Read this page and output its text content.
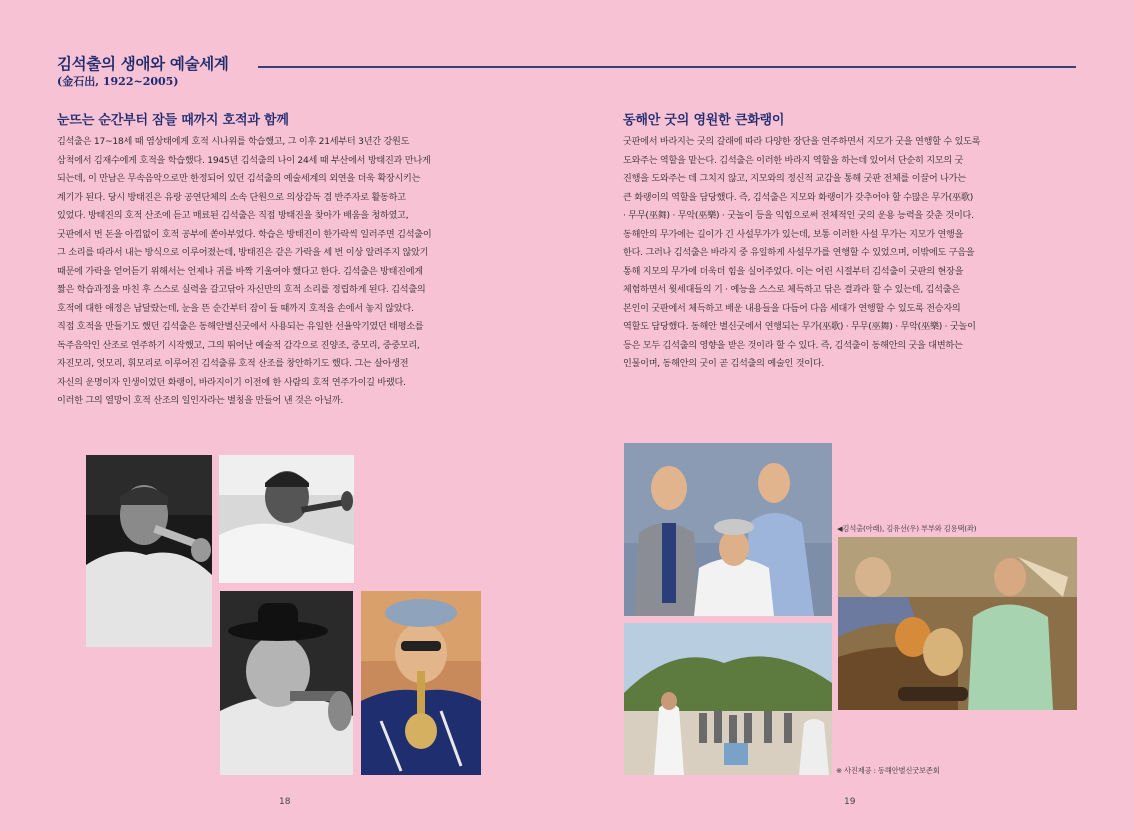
김석출의 생애와 예술세계
(金石出, 1922~2005)
눈뜨는 순간부터 잠들 때까지 호적과 함께

김석출은 17~18세 때 염상태에게 호적 시나위를 학습했고, 그 이후 21세부터 3년간 강원도

삼척에서 김재수에게 호적을 학습했다. 1945년 김석출의 나이 24세 때 부산에서 방태진과 만나게

되는데, 이 만남은 무속음악으로만 한정되어 있던 김석출의 예술세계의 외연을 더욱 확장시키는

계기가 된다. 당시 방태진은 유랑 공연단체의 소속 단원으로 의상감독 겸 반주자로 활동하고

있었다. 방태진의 호적 산조에 듣고 매료된 김석출은 직접 방태진을 찾아가 배움을 청하였고,

굿판에서 번 돈을 아낌없이 호적 공부에 쏟아부었다. 학습은 방태진이 한가락씩 일러주면 김석출이

그 소리를 따라서 내는 방식으로 이루어졌는데, 방태진은 같은 가락을 세 번 이상 알려주지 않았기

때문에 가락을 얻어듣기 위해서는 언제나 귀를 바짝 기울여야 했다고 한다. 김석출은 방태진에게

짧은 학습과정을 마친 후 스스로 실력을 갈고닦아 자신만의 호적 소리를 정립하게 된다. 김석출의

호적에 대한 애정은 남달랐는데, 눈을 뜬 순간부터 잠이 들 때까지 호적을 손에서 놓지 않았다.

직접 호적을 만들기도 했던 김석출은 동해안별신굿에서 사용되는 유일한 선율악기였던 태평소를

독주음악인 산조로 연주하기 시작했고, 그의 뛰어난 예술적 감각으로 진양조, 중모리, 중중모리,

자진모리, 엇모리, 휘모리로 이루어진 김석출류 호적 산조를 창안하기도 했다. 그는 살아생전

자신의 운명이자 인생이었던 화랭이, 바라지이기 이전에 한 사람의 호적 연주가이길 바랬다.

이러한 그의 열망이 호적 산조의 일인자라는 별칭을 만들어 낸 것은 아닐까.

동해안 굿의 영원한 큰화랭이

굿판에서 바라지는 굿의 갈래에 따라 다양한 장단을 연주하면서 지모가 굿을 연행할 수 있도록

도와주는 역할을 맡는다. 김석출은 이러한 바라지 역할을 하는데 있어서 단순히 지모의 굿

진행을 도와주는 데 그치지 않고, 지모와의 정신적 교감을 통해 굿판 전체를 이끌어 나가는

큰 화랭이의 역할을 담당했다. 즉, 김석출은 지모와 화랭이가 갖추어야 할 수많은 무가(巫歌)

· 무무(巫舞) · 무악(巫樂) · 굿놀이 등을 익힘으로써 전체적인 굿의 운용 능력을 갖춘 것이다.

동해안의 무가에는 길이가 긴 사설무가가 있는데, 보통 이러한 사설 무가는 지모가 연행을

한다. 그러나 김석출은 바라지 중 유일하게 사설무가를 연행할 수 있었으며, 이밖에도 구음을

통해 지모의 무가에 더욱더 힘을 실어주었다. 이는 어린 시절부터 김석출이 굿판의 현장을

체험하면서 윗세대들의 기 · 예능을 스스로 체득하고 닦은 결과라 할 수 있는데, 김석출은

본인이 굿판에서 체득하고 배운 내용들을 다듬어 다음 세대가 연행할 수 있도록 전승자의

역할도 담당했다. 동해안 별신굿에서 연행되는 무가(巫歌) · 무무(巫舞) · 무악(巫樂) · 굿놀이

등은 모두 김석출의 영향을 받은 것이라 할 수 있다. 즉, 김석출이 동해안의 굿을 대변하는

인물이며, 동해안의 굿이 곧 김석출의 예술인 것이다.

◀김석출(아래), 김유선(우) 부부와 김용택(좌)
※ 사진제공 : 동해안별신굿보존회
18	19
